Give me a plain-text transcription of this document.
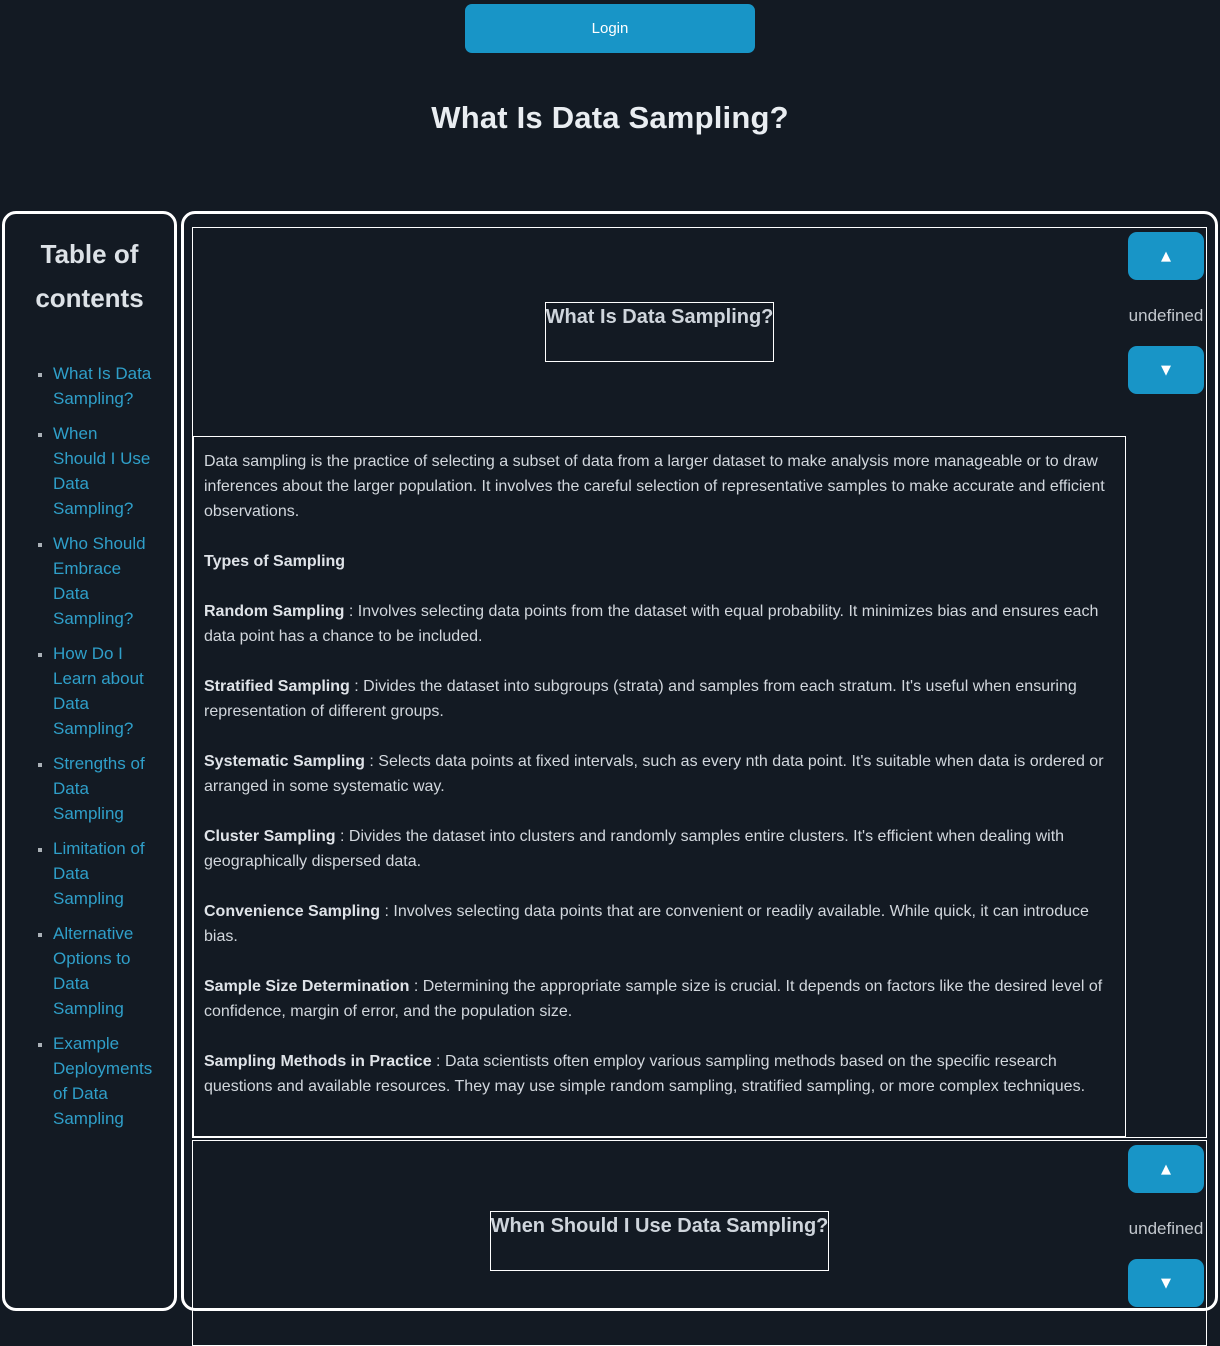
Login
What Is Data Sampling?
Table of contents
▪ What Is Data Sampling?
▪ When Should I Use Data Sampling?
▪ Who Should Embrace Data Sampling?
▪ How Do I Learn about Data Sampling?
▪ Strengths of Data Sampling
▪ Limitation of Data Sampling
▪ Alternative Options to Data Sampling
▪ Example Deployments of Data Sampling
What Is Data Sampling?

Data sampling is the practice of selecting a subset of data from a larger dataset to make analysis more manageable or to draw inferences about the larger population. It involves the careful selection of representative samples to make accurate and efficient observations.

Types of Sampling

Random Sampling : Involves selecting data points from the dataset with equal probability. It minimizes bias and ensures each data point has a chance to be included.

Stratified Sampling : Divides the dataset into subgroups (strata) and samples from each stratum. It's useful when ensuring representation of different groups.

Systematic Sampling : Selects data points at fixed intervals, such as every nth data point. It's suitable when data is ordered or arranged in some systematic way.

Cluster Sampling : Divides the dataset into clusters and randomly samples entire clusters. It's efficient when dealing with geographically dispersed data.

Convenience Sampling : Involves selecting data points that are convenient or readily available. While quick, it can introduce bias.

Sample Size Determination : Determining the appropriate sample size is crucial. It depends on factors like the desired level of confidence, margin of error, and the population size.

Sampling Methods in Practice : Data scientists often employ various sampling methods based on the specific research questions and available resources. They may use simple random sampling, stratified sampling, or more complex techniques.

▲
undefined
▼
When Should I Use Data Sampling?
▲
undefined
▼
